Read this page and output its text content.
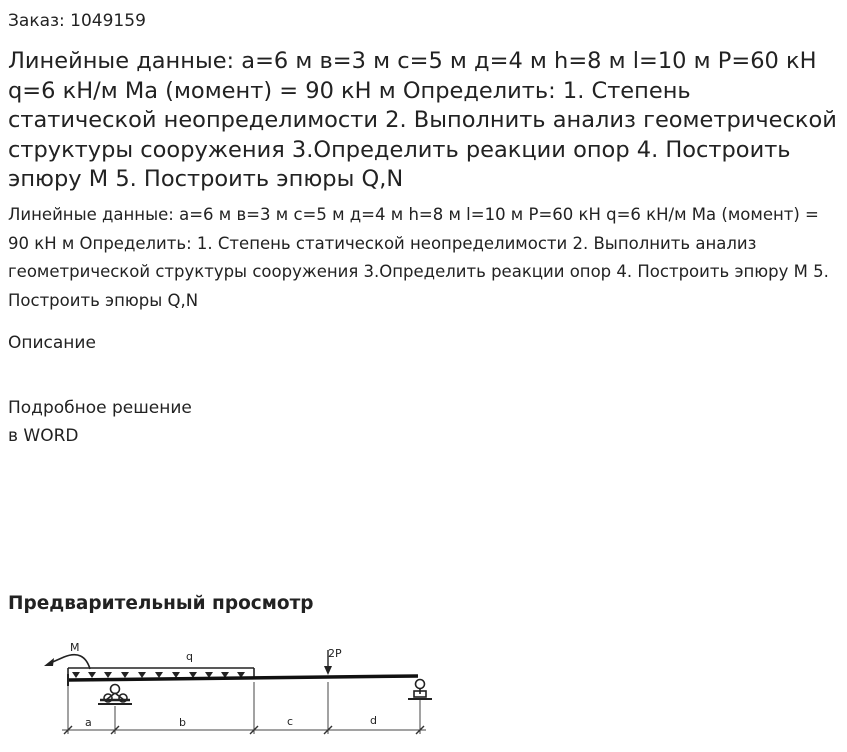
Заказ: 1049159
Линейные данные: a=6 м в=3 м с=5 м д=4 м h=8 м l=10 м P=60 кН q=6 кН/м Ма (момент) = 90 кН м Определить: 1. Степень статической неопределимости 2. Выполнить анализ геометрической структуры сооружения 3.Определить реакции опор 4. Построить эпюру М 5. Построить эпюры Q,N
Линейные данные: a=6 м в=3 м с=5 м д=4 м h=8 м l=10 м P=60 кН q=6 кН/м Ма (момент) = 90 кН м Определить: 1. Степень статической неопределимости 2. Выполнить анализ геометрической структуры сооружения 3.Определить реакции опор 4. Построить эпюру М 5. Построить эпюры Q,N
Описание
Подробное решение
в WORD
Предварительный просмотр
M
q	2P
a	b	c	d
